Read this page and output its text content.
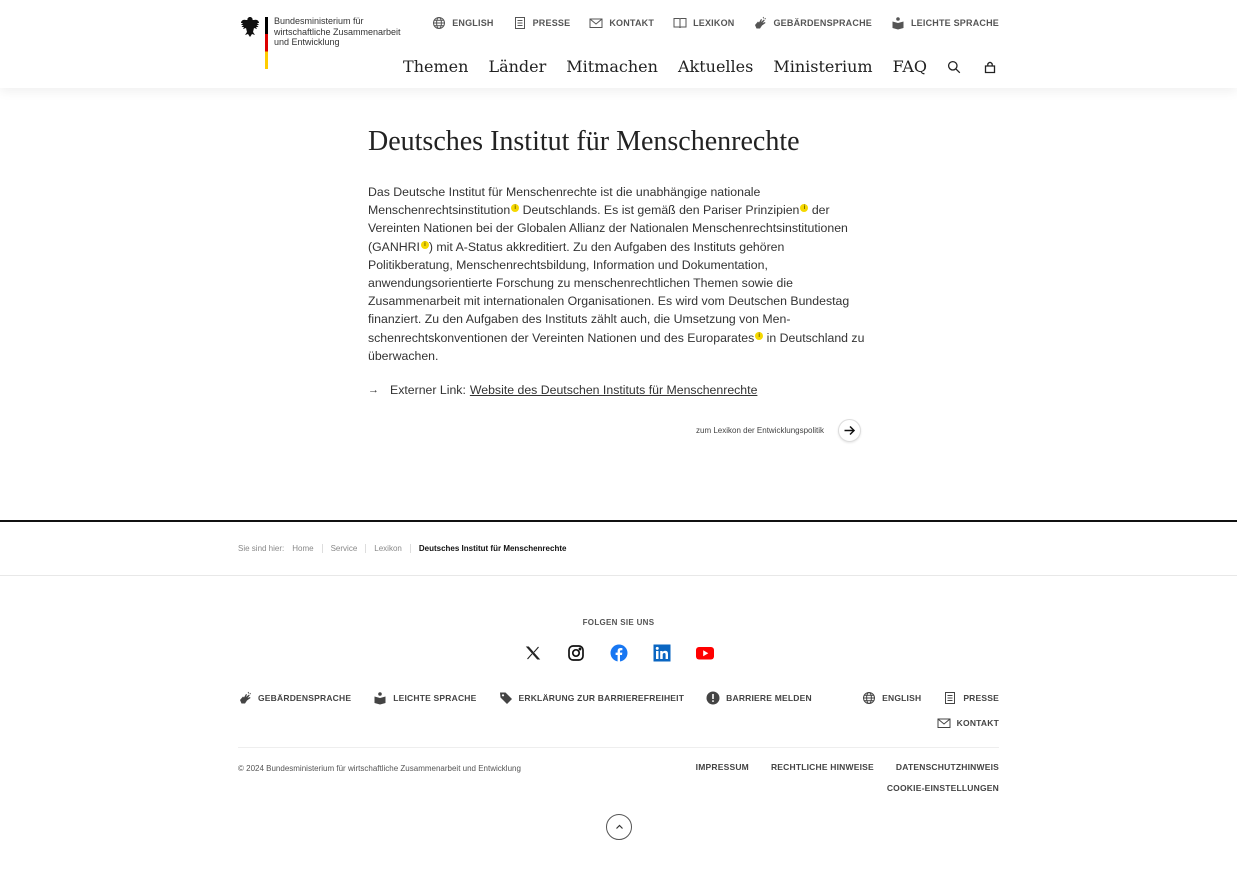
Bundesministerium für wirtschaftliche Zusammenarbeit und Entwicklung
ENGLISH	PRESSE	KONTAKT	LEXIKON	GEBÄRDENSPRACHE	LEICHTE SPRACHE
Themen Länder Mitmachen Aktuelles Ministerium FAQ
Deutsches Institut für Menschenrechte

Das Deutsche Institut für Menschenrechte ist die unabhängige nationale Menschenrechtsinstitution i Deutschlands. Es ist gemäß den Pariser Prinzipien i der Vereinten Nationen bei der Globalen Allianz der Nationalen Menschenrechtsinstitutionen (GANHRI i ) mit A-Status akkreditiert. Zu den Aufgaben des Instituts gehören Politikberatung, Menschenrechtsbildung, Information und Dokumentation, anwendungsorientierte Forschung zu menschenrechtlichen Themen sowie die Zusammenarbeit mit internationalen Organisationen. Es wird vom Deutschen Bundestag finanziert. Zu den Aufgaben des Instituts zählt auch, die Umsetzung von Menschenrechtskonventionen der Vereinten Nationen und des Europarates i in Deutschland zu überwachen.

→ Externer Link: Website des Deutschen Instituts für Menschenrechte
zum Lexikon der Entwicklungspolitik
Sie sind hier: Home Service Lexikon Deutsches Institut für Menschenrechte
FOLGEN SIE UNS
GEBÄRDENSPRACHE	LEICHTE SPRACHE	ERKLÄRUNG ZUR BARRIEREFREIHEIT	BARRIERE MELDEN	ENGLISH	PRESSE
KONTAKT
© 2024 Bundesministerium für wirtschaftliche Zusammenarbeit und Entwicklung	IMPRESSUM	RECHTLICHE HINWEISE	DATENSCHUTZHINWEIS
COOKIE-EINSTELLUNGEN
